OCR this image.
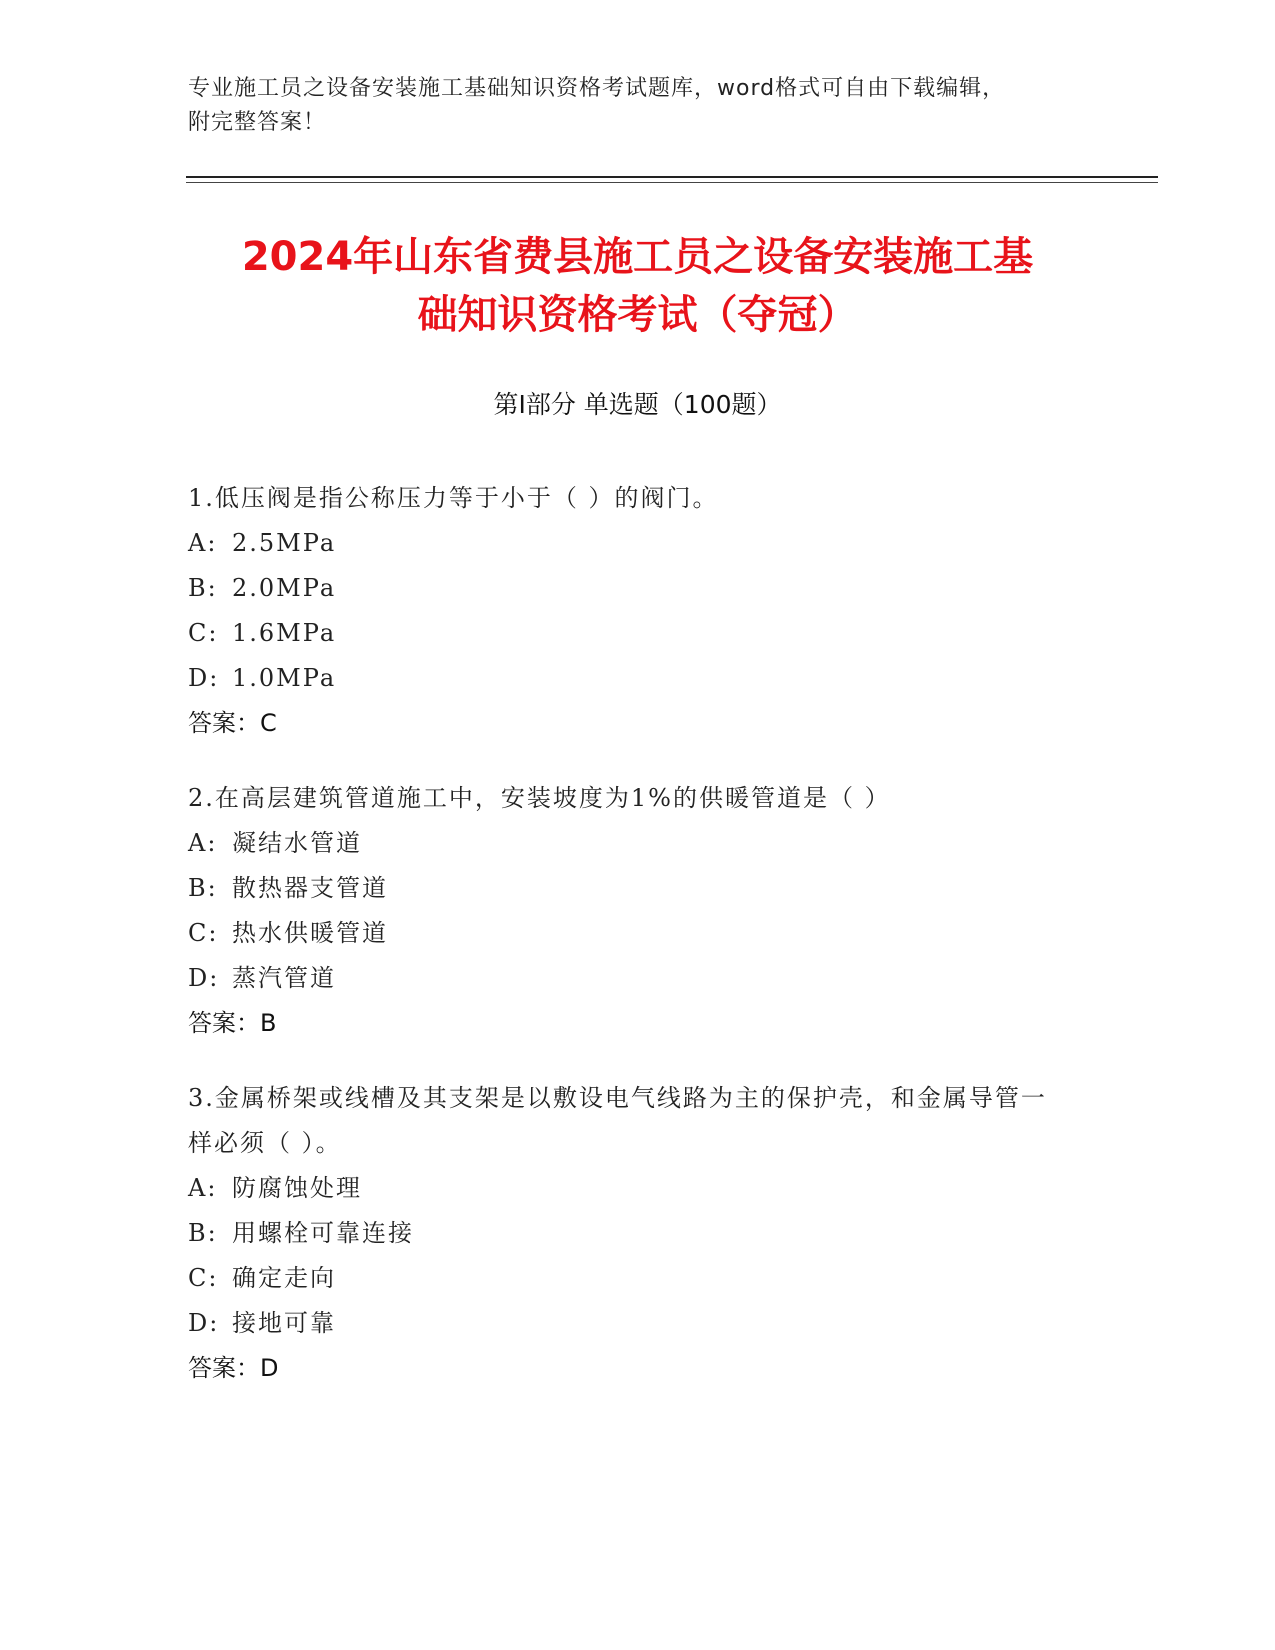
专业施工员之设备安装施工基础知识资格考试题库，word格式可自由下载编辑，
附完整答案！
2024年山东省费县施工员之设备安装施工基
础知识资格考试（夺冠）
第Ⅰ部分 单选题（100题）
1.低压阀是指公称压力等于小于（ ）的阀门。
A: 2.5MPa
B: 2.0MPa
C: 1.6MPa
D: 1.0MPa
答案：C
2.在高层建筑管道施工中，安装坡度为1%的供暖管道是（ ）
A: 凝结水管道
B: 散热器支管道
C: 热水供暖管道
D: 蒸汽管道
答案：B
3.金属桥架或线槽及其支架是以敷设电气线路为主的保护壳，和金属导管一样必须（ ）。
A: 防腐蚀处理
B: 用螺栓可靠连接
C: 确定走向
D: 接地可靠
答案：D
